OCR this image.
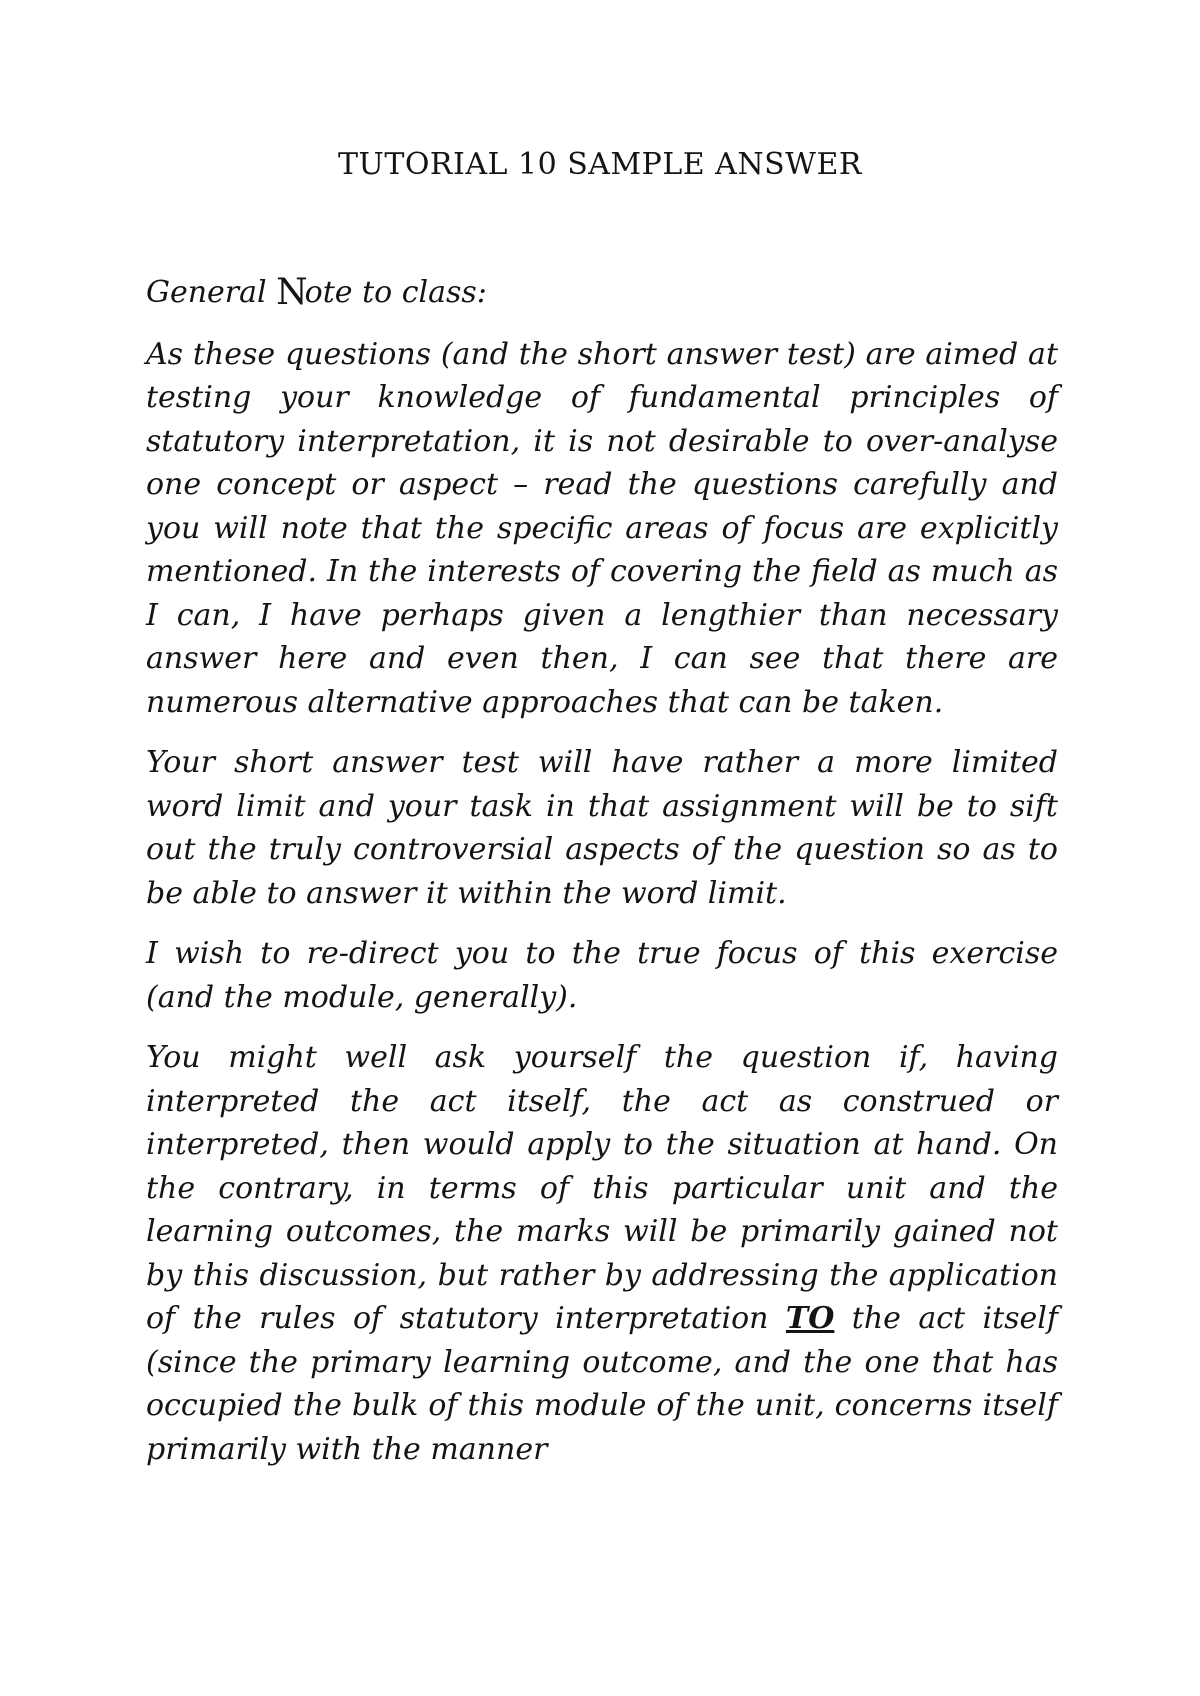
TUTORIAL 10 SAMPLE ANSWER

General Note to class:

As these questions (and the short answer test) are aimed at testing your knowledge of fundamental principles of statutory interpretation, it is not desirable to over-analyse one concept or aspect – read the questions carefully and you will note that the specific areas of focus are explicitly mentioned. In the interests of covering the field as much as I can, I have perhaps given a lengthier than necessary answer here and even then, I can see that there are numerous alternative approaches that can be taken.

Your short answer test will have rather a more limited word limit and your task in that assignment will be to sift out the truly controversial aspects of the question so as to be able to answer it within the word limit.

I wish to re-direct you to the true focus of this exercise (and the module, generally).

You might well ask yourself the question if, having interpreted the act itself, the act as construed or interpreted, then would apply to the situation at hand. On the contrary, in terms of this particular unit and the learning outcomes, the marks will be primarily gained not by this discussion, but rather by addressing the application of the rules of statutory interpretation TO the act itself (since the primary learning outcome, and the one that has occupied the bulk of this module of the unit, concerns itself primarily with the manner
